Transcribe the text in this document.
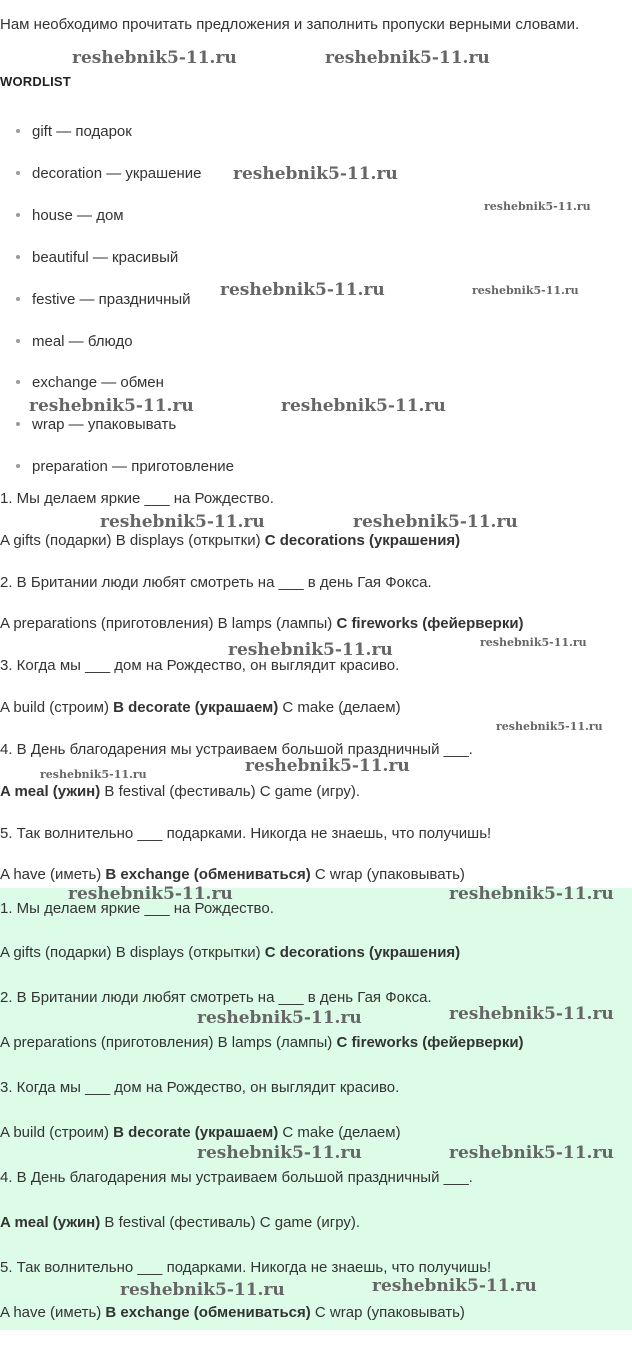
Нам необходимо прочитать предложения и заполнить пропуски верными словами.
WORDLIST
gift — подарок
decoration — украшение
house — дом
beautiful — красивый
festive — праздничный
meal — блюдо
exchange — обмен
wrap — упаковывать
preparation — приготовление
1. Мы делаем яркие ___ на Рождество.
A gifts (подарки) B displays (открытки) C decorations (украшения)
2. В Британии люди любят смотреть на ___ в день Гая Фокса.
A preparations (приготовления) B lamps (лампы) C fireworks (фейерверки)
3. Когда мы ___ дом на Рождество, он выглядит красиво.
A build (строим) B decorate (украшаем) C make (делаем)
4. В День благодарения мы устраиваем большой праздничный ___.
A meal (ужин) B festival (фестиваль) C game (игру).
5. Так волнительно ___ подарками. Никогда не знаешь, что получишь!
A have (иметь) B exchange (обмениваться) C wrap (упаковывать)
1. Мы делаем яркие ___ на Рождество.
A gifts (подарки) B displays (открытки) C decorations (украшения)
2. В Британии люди любят смотреть на ___ в день Гая Фокса.
A preparations (приготовления) B lamps (лампы) C fireworks (фейерверки)
3. Когда мы ___ дом на Рождество, он выглядит красиво.
A build (строим) B decorate (украшаем) C make (делаем)
4. В День благодарения мы устраиваем большой праздничный ___.
A meal (ужин) B festival (фестиваль) C game (игру).
5. Так волнительно ___ подарками. Никогда не знаешь, что получишь!
A have (иметь) B exchange (обмениваться) C wrap (упаковывать)
reshebnik5-11.ru	reshebnik5-11.ru
reshebnik5-11.ru
reshebnik5-11.ru
reshebnik5-11.ru	reshebnik5-11.ru
reshebnik5-11.ru	reshebnik5-11.ru
reshebnik5-11.ru	reshebnik5-11.ru
reshebnik5-11.ru	reshebnik5-11.ru
reshebnik5-11.ru
reshebnik5-11.ru	reshebnik5-11.ru
reshebnik5-11.ru	reshebnik5-11.ru
reshebnik5-11.ru	reshebnik5-11.ru
reshebnik5-11.ru	reshebnik5-11.ru
reshebnik5-11.ru	reshebnik5-11.ru
